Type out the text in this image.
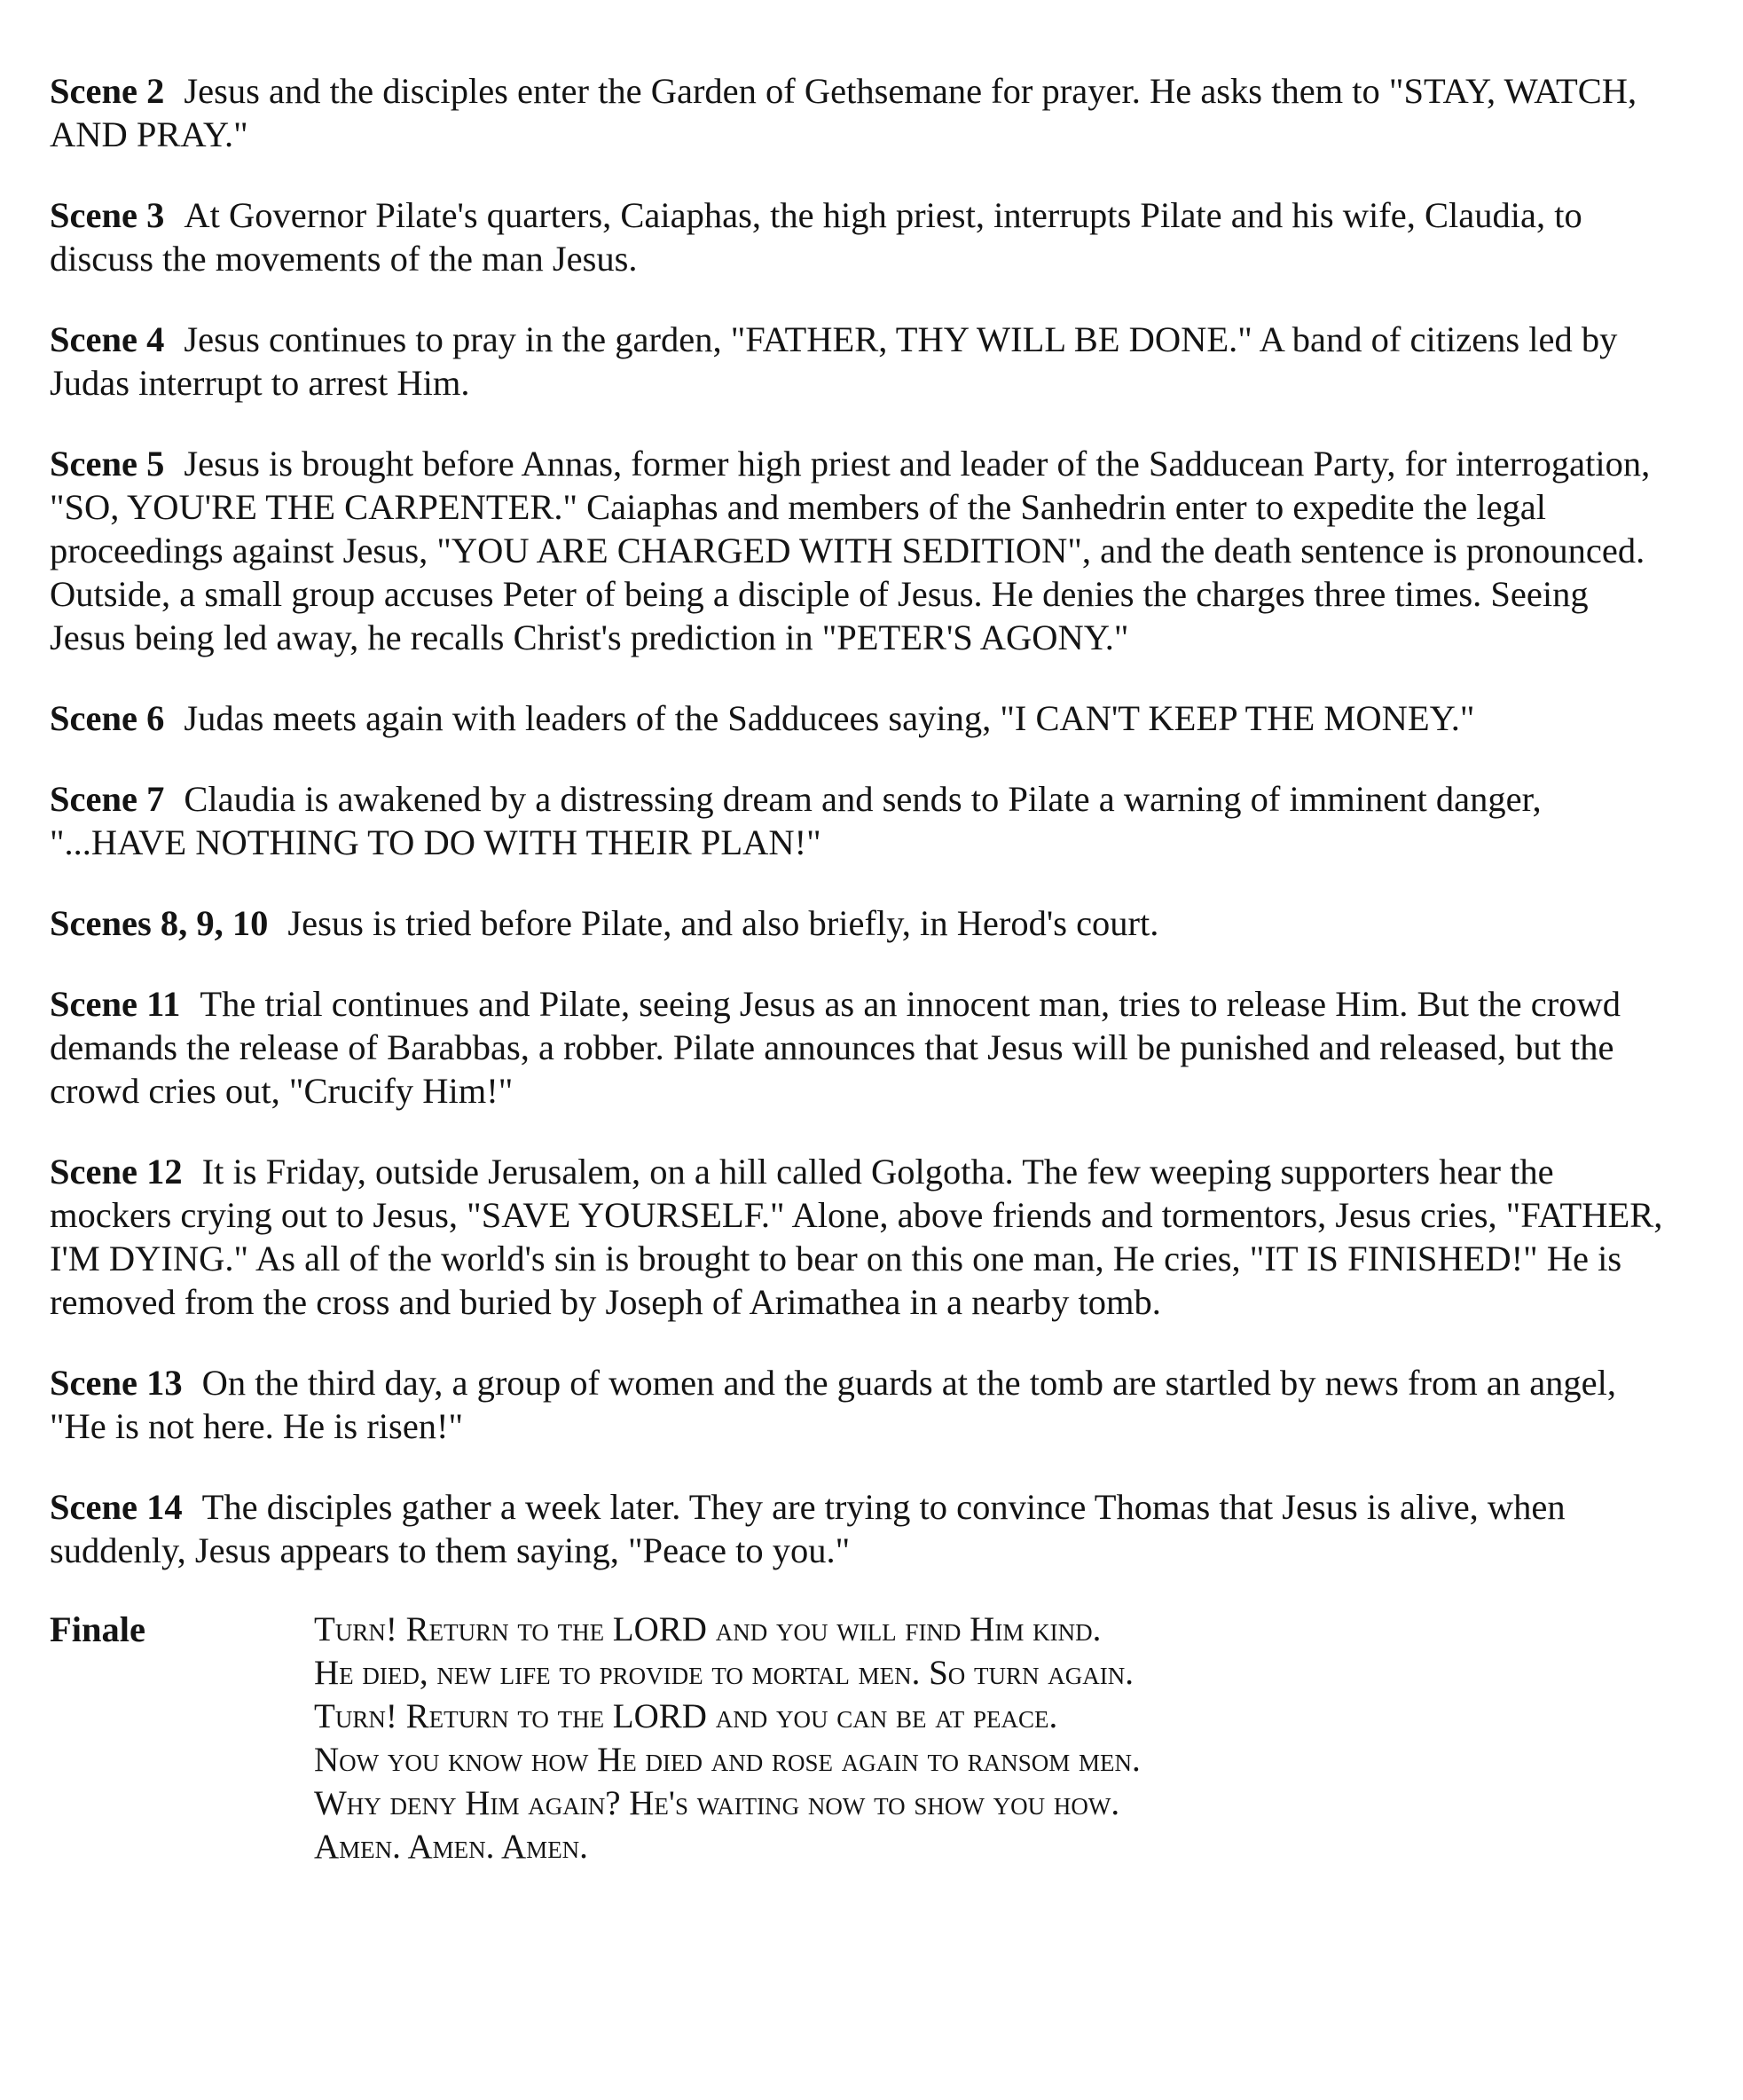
Scene 2 Jesus and the disciples enter the Garden of Gethsemane for prayer. He asks them to "STAY, WATCH, AND PRAY."

Scene 3 At Governor Pilate's quarters, Caiaphas, the high priest, interrupts Pilate and his wife, Claudia, to discuss the movements of the man Jesus.

Scene 4 Jesus continues to pray in the garden, "FATHER, THY WILL BE DONE." A band of citizens led by Judas interrupt to arrest Him.

Scene 5 Jesus is brought before Annas, former high priest and leader of the Sadducean Party, for interrogation, "SO, YOU'RE THE CARPENTER." Caiaphas and members of the Sanhedrin enter to expedite the legal proceedings against Jesus, "YOU ARE CHARGED WITH SEDITION", and the death sentence is pronounced. Outside, a small group accuses Peter of being a disciple of Jesus. He denies the charges three times. Seeing Jesus being led away, he recalls Christ's prediction in "PETER'S AGONY."

Scene 6 Judas meets again with leaders of the Sadducees saying, "I CAN'T KEEP THE MONEY."

Scene 7 Claudia is awakened by a distressing dream and sends to Pilate a warning of imminent danger, "...HAVE NOTHING TO DO WITH THEIR PLAN!"

Scenes 8, 9, 10 Jesus is tried before Pilate, and also briefly, in Herod's court.

Scene 11 The trial continues and Pilate, seeing Jesus as an innocent man, tries to release Him. But the crowd demands the release of Barabbas, a robber. Pilate announces that Jesus will be punished and released, but the crowd cries out, "Crucify Him!"

Scene 12 It is Friday, outside Jerusalem, on a hill called Golgotha. The few weeping supporters hear the mockers crying out to Jesus, "SAVE YOURSELF." Alone, above friends and tormentors, Jesus cries, "FATHER, I'M DYING." As all of the world's sin is brought to bear on this one man, He cries, "IT IS FINISHED!" He is removed from the cross and buried by Joseph of Arimathea in a nearby tomb.

Scene 13 On the third day, a group of women and the guards at the tomb are startled by news from an angel, "He is not here. He is risen!"

Scene 14 The disciples gather a week later. They are trying to convince Thomas that Jesus is alive, when suddenly, Jesus appears to them saying, "Peace to you."

Finale	Turn! Return to the LORD and you will find Him kind.
He died, new life to provide to mortal men. So turn again.
Turn! Return to the LORD and you can be at peace.
Now you know how He died and rose again to ransom men.
Why deny Him again? He's waiting now to show you how.
Amen. Amen. Amen.
